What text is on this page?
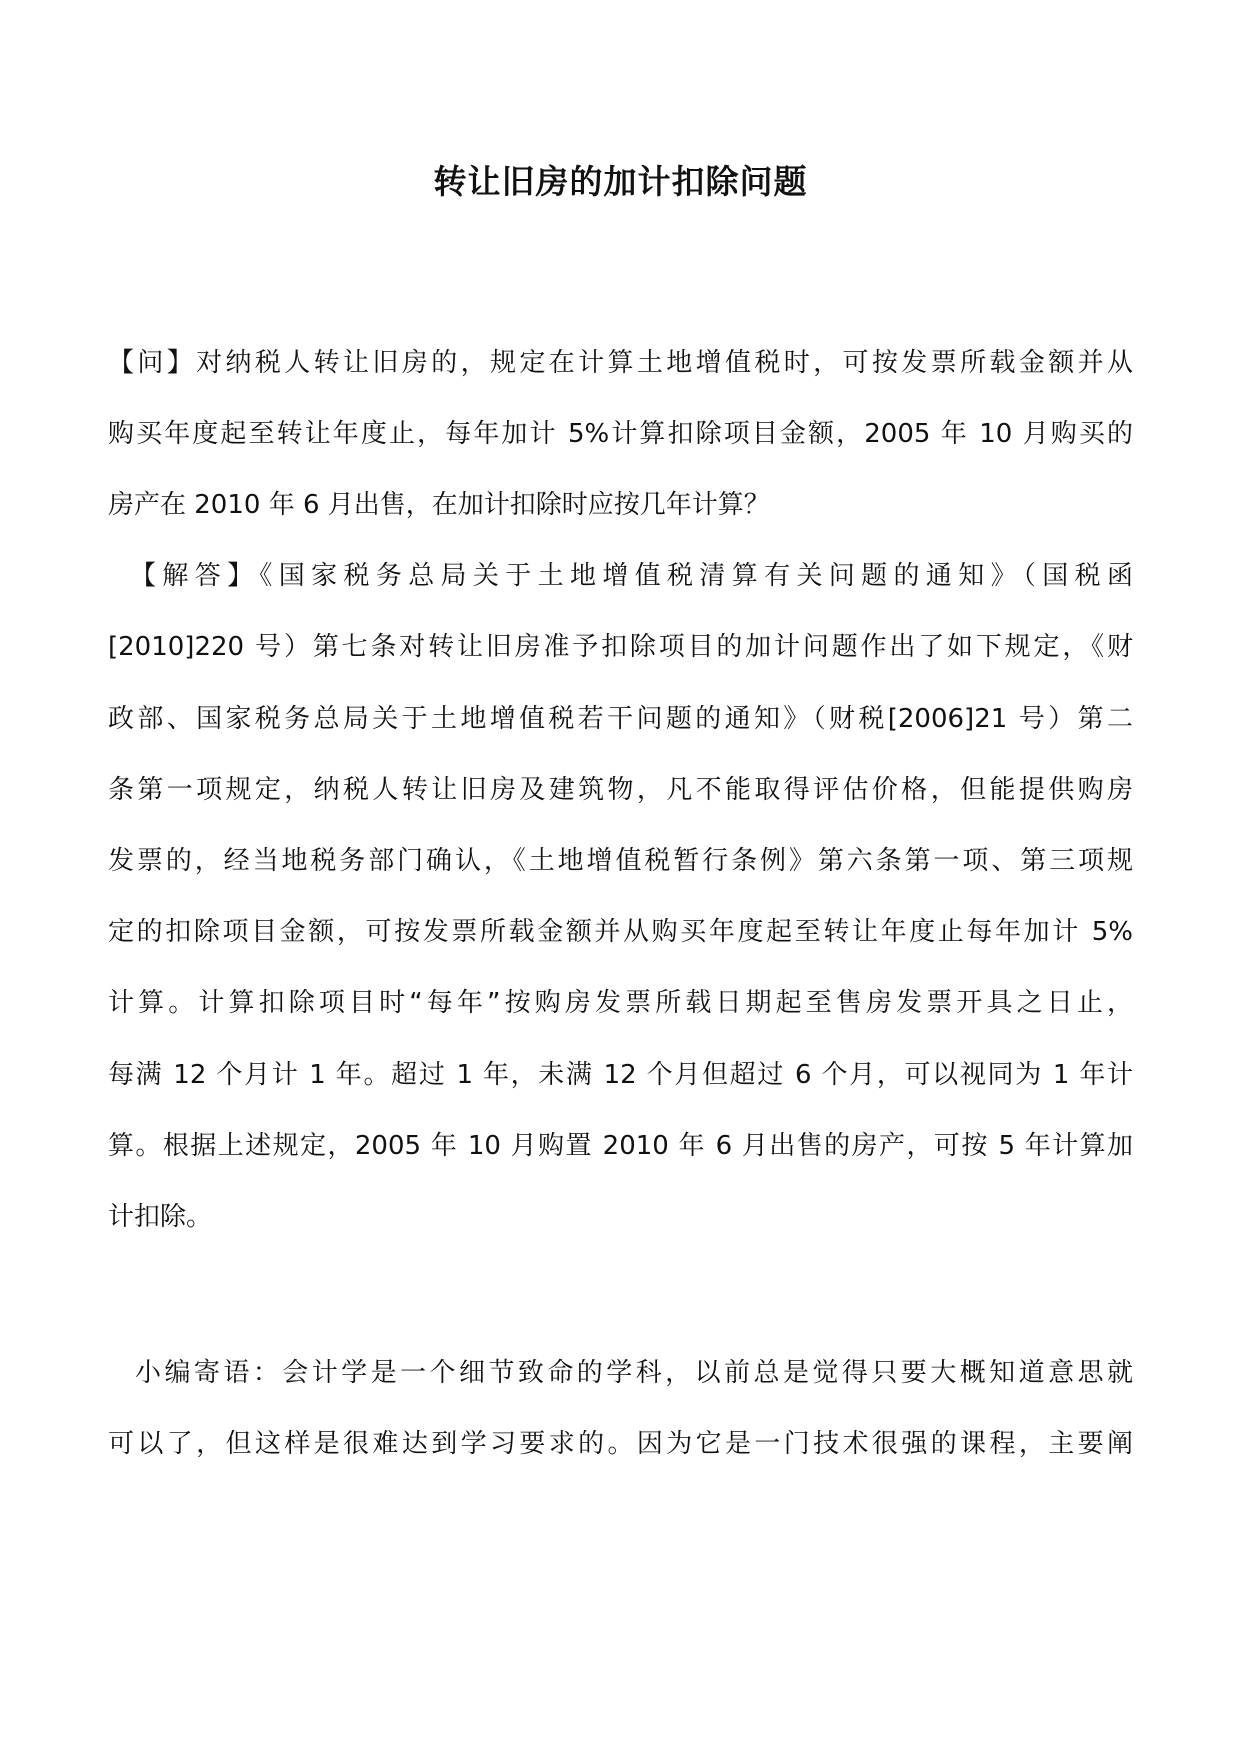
转让旧房的加计扣除问题
【问】对纳税人转让旧房的，规定在计算土地增值税时，可按发票所载金额并从
购买年度起至转让年度止，每年加计 5%计算扣除项目金额，2005 年 10 月购买的
房产在 2010 年 6 月出售，在加计扣除时应按几年计算？
【解答】《国家税务总局关于土地增值税清算有关问题的通知》（国税函
[2010]220 号）第七条对转让旧房准予扣除项目的加计问题作出了如下规定，《财
政部、国家税务总局关于土地增值税若干问题的通知》（财税[2006]21 号）第二
条第一项规定，纳税人转让旧房及建筑物，凡不能取得评估价格，但能提供购房
发票的，经当地税务部门确认，《土地增值税暂行条例》第六条第一项、第三项规
定的扣除项目金额，可按发票所载金额并从购买年度起至转让年度止每年加计 5%
计算。计算扣除项目时“每年”按购房发票所载日期起至售房发票开具之日止，
每满 12 个月计 1 年。超过 1 年，未满 12 个月但超过 6 个月，可以视同为 1 年计
算。根据上述规定，2005 年 10 月购置 2010 年 6 月出售的房产，可按 5 年计算加
计扣除。
小编寄语：会计学是一个细节致命的学科，以前总是觉得只要大概知道意思就
可以了，但这样是很难达到学习要求的。因为它是一门技术很强的课程，主要阐
